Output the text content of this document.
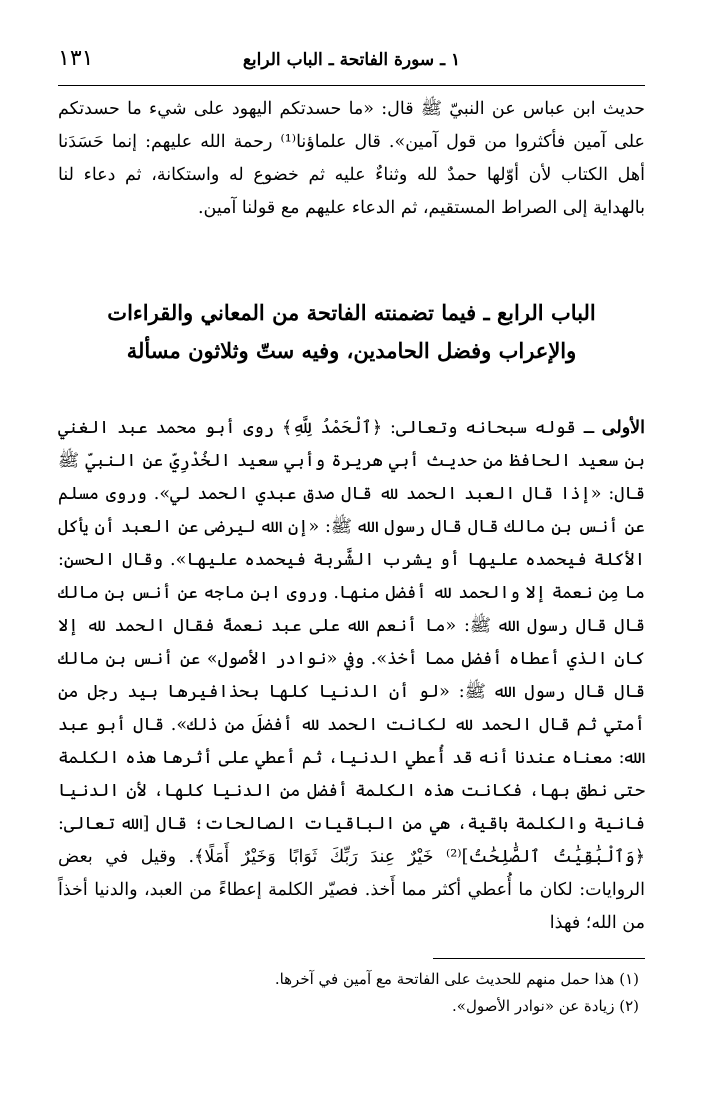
١ ـ سورة الفاتحة ـ الباب الرابع
١٣١

حديث ابن عباس عن النبيّ ﷺ قال: «ما حسدتكم اليهود على شيء ما حسدتكم على آمين فأكثروا من قول آمين». قال علماؤنا⁽¹⁾ رحمة الله عليهم: إنما حَسَدَنا أهل الكتاب لأن أوّلها حمدٌ لله وثناءٌ عليه ثم خضوع له واستكانة، ثم دعاء لنا بالهداية إلى الصراط المستقيم، ثم الدعاء عليهم مع قولنا آمين.

الباب الرابع ـ فيما تضمنته الفاتحة من المعاني والقراءات
والإعراب وفضل الحامدين، وفيه ستّ وثلاثون مسألة

الأولى ـ قوله سبحانه وتعالى: ﴿ٱلْحَمْدُ لِلَّهِ﴾ روى أبو محمد عبد الغني بن سعيد الحافظ من حديث أبي هريرة وأبي سعيد الخُدْرِيّ عن النبيّ ﷺ قال: «إذا قال العبد الحمد لله قال صدق عبدي الحمد لي». وروى مسلم عن أنس بن مالك قال قال رسول الله ﷺ: «إن الله ليرضى عن العبد أن يأكل الأكلة فيحمده عليها أو يشرب الشَّربة فيحمده عليها». وقال الحسن: ما مِن نعمة إلا والحمد لله أفضل منها. وروى ابن ماجه عن أنس بن مالك قال قال رسول الله ﷺ: «ما أنعم الله على عبد نعمةً فقال الحمد لله إلا كان الذي أعطاه أفضل مما أخذ». وفي «نوادر الأصول» عن أنس بن مالك قال قال رسول الله ﷺ: «لو أن الدنيا كلها بحذافيرها بيد رجل من أمتي ثم قال الحمد لله لكانت الحمد لله أفضلَ من ذلك». قال أبو عبد الله: معناه عندنا أنه قد أُعطي الدنيا، ثم أعطي على أثرها هذه الكلمة حتى نطق بها، فكانت هذه الكلمة أفضل من الدنيا كلها، لأن الدنيا فانية والكلمة باقية، هي من الباقيات الصالحات؛ قال [الله تعالى: ﴿وَٱلْبَٰقِيَٰتُ ٱلصَّٰلِحَٰتُ]⁽²⁾ خَيْرٌ عِندَ رَبِّكَ ثَوَابًا وَخَيْرٌ أَمَلًا﴾. وقيل في بعض الروايات: لكان ما أُعطي أكثر مما أَخذ. فصيّر الكلمة إعطاءً من العبد، والدنيا أخذاً من الله؛ فهذا

(١) هذا حمل منهم للحديث على الفاتحة مع آمين في آخرها.

(٢) زيادة عن «نوادر الأصول».
